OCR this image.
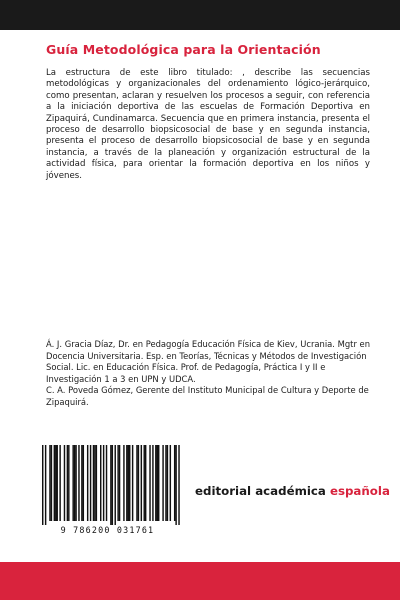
Guía Metodológica para la Orientación

La estructura de este libro titulado: , describe las secuencias metodológicas y organizacionales del ordenamiento lógico-jerárquico, como presentan, aclaran y resuelven los procesos a seguir, con referencia a la iniciación deportiva de las escuelas de Formación Deportiva en Zipaquirá, Cundinamarca. Secuencia que en primera instancia, presenta el proceso de desarrollo biopsicosocial de base y en segunda instancia, presenta el proceso de desarrollo biopsicosocial de base y en segunda instancia, a través de la planeación y organización estructural de la actividad física, para orientar la formación deportiva en los niños y jóvenes.

Á. J. Gracia Díaz, Dr. en Pedagogía Educación Física de Kiev, Ucrania. Mgtr en Docencia Universitaria. Esp. en Teorías, Técnicas y Métodos de Investigación Social. Lic. en Educación Física. Prof. de Pedagogía, Práctica I y II e Investigación 1 a 3 en UPN y UDCA.

C. A. Poveda Gómez, Gerente del Instituto Municipal de Cultura y Deporte de Zipaquirá.

9 786200 031761
editorial académica española
